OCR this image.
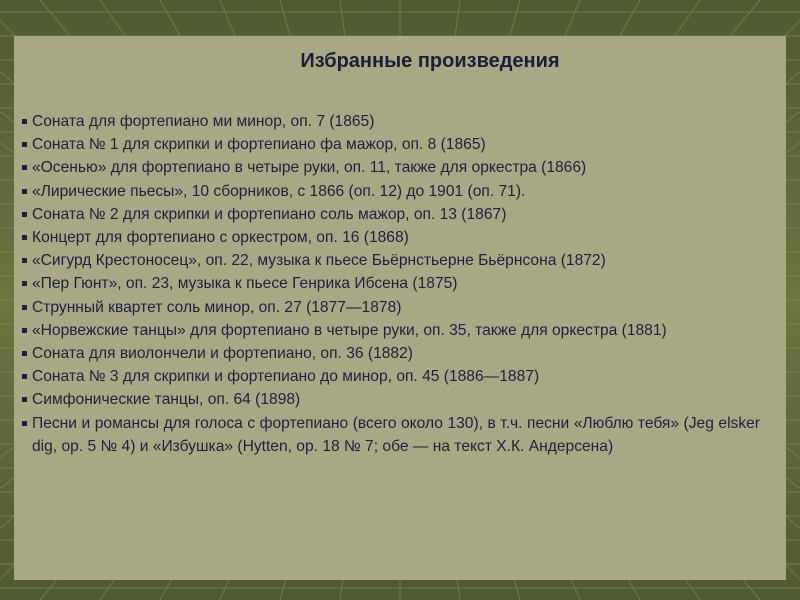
Избранные произведения
Соната для фортепиано ми минор, оп. 7 (1865)
Соната № 1 для скрипки и фортепиано фа мажор, оп. 8 (1865)
«Осенью» для фортепиано в четыре руки, оп. 11, также для оркестра (1866)
«Лирические пьесы», 10 сборников, с 1866 (оп. 12) до 1901 (оп. 71).
Соната № 2 для скрипки и фортепиано соль мажор, оп. 13 (1867)
Концерт для фортепиано с оркестром, оп. 16 (1868)
«Сигурд Крестоносец», оп. 22, музыка к пьесе Бьёрнстьерне Бьёрнсона (1872)
«Пер Гюнт», оп. 23, музыка к пьесе Генрика Ибсена (1875)
Струнный квартет соль минор, оп. 27 (1877—1878)
«Норвежские танцы» для фортепиано в четыре руки, оп. 35, также для оркестра (1881)
Соната для виолончели и фортепиано, оп. 36 (1882)
Соната № 3 для скрипки и фортепиано до минор, оп. 45 (1886—1887)
Симфонические танцы, оп. 64 (1898)
Песни и романсы для голоса с фортепиано (всего около 130), в т.ч. песни «Люблю тебя» (Jeg elsker dig, op. 5 № 4) и «Избушка» (Hytten, op. 18 № 7; обе — на текст Х.К. Андерсена)
